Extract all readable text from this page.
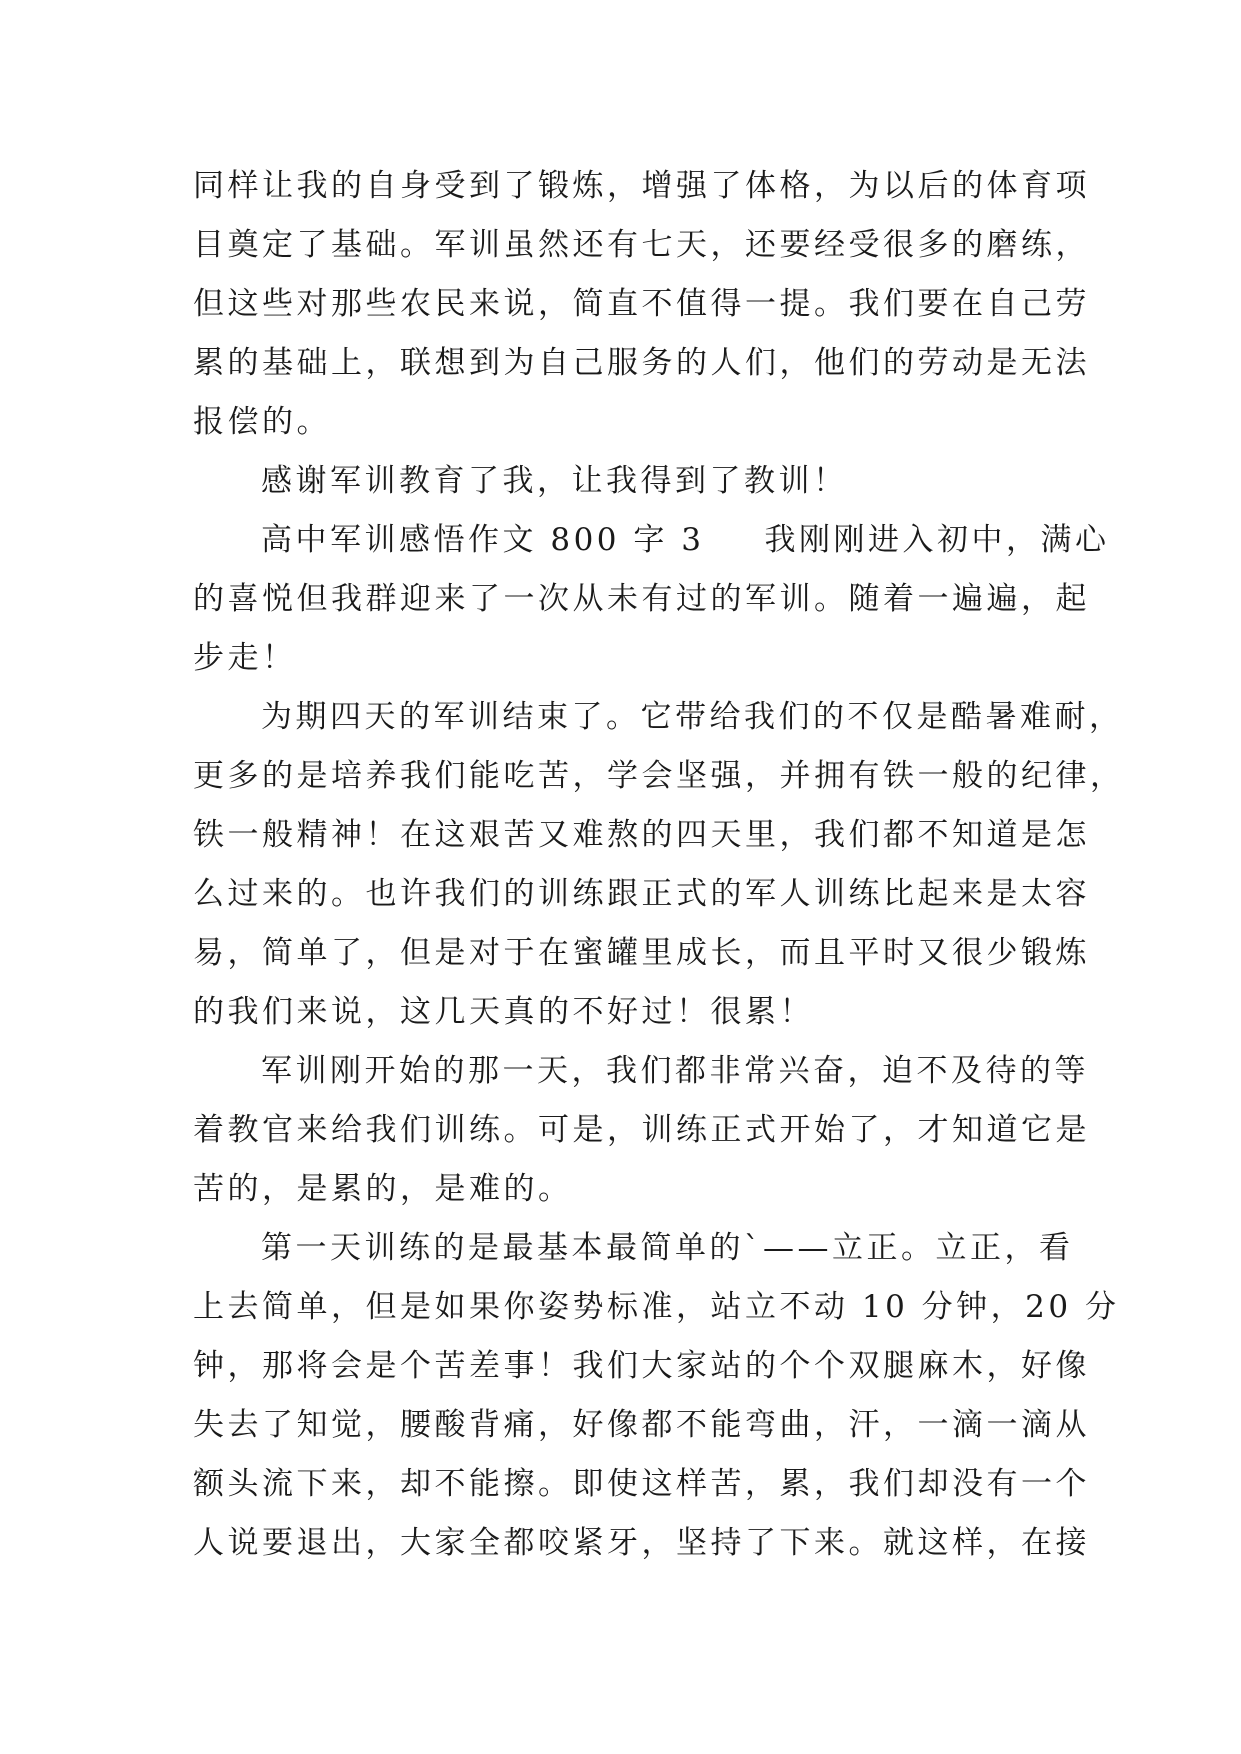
同样让我的自身受到了锻炼，增强了体格，为以后的体育项

目奠定了基础。军训虽然还有七天，还要经受很多的磨练，

但这些对那些农民来说，简直不值得一提。我们要在自己劳

累的基础上，联想到为自己服务的人们，他们的劳动是无法

报偿的。

感谢军训教育了我，让我得到了教训！

高中军训感悟作文 800 字 3 我刚刚进入初中，满心

的喜悦但我群迎来了一次从未有过的军训。随着一遍遍，起

步走！

为期四天的军训结束了。它带给我们的不仅是酷暑难耐，

更多的是培养我们能吃苦，学会坚强，并拥有铁一般的纪律，

铁一般精神！在这艰苦又难熬的四天里，我们都不知道是怎

么过来的。也许我们的训练跟正式的军人训练比起来是太容

易，简单了，但是对于在蜜罐里成长，而且平时又很少锻炼

的我们来说，这几天真的不好过！很累！

军训刚开始的那一天，我们都非常兴奋，迫不及待的等

着教官来给我们训练。可是，训练正式开始了，才知道它是

苦的，是累的，是难的。

第一天训练的是最基本最简单的`——立正。立正，看

上去简单，但是如果你姿势标准，站立不动 10 分钟，20 分

钟，那将会是个苦差事！我们大家站的个个双腿麻木，好像

失去了知觉，腰酸背痛，好像都不能弯曲，汗，一滴一滴从

额头流下来，却不能擦。即使这样苦，累，我们却没有一个

人说要退出，大家全都咬紧牙，坚持了下来。就这样，在接
